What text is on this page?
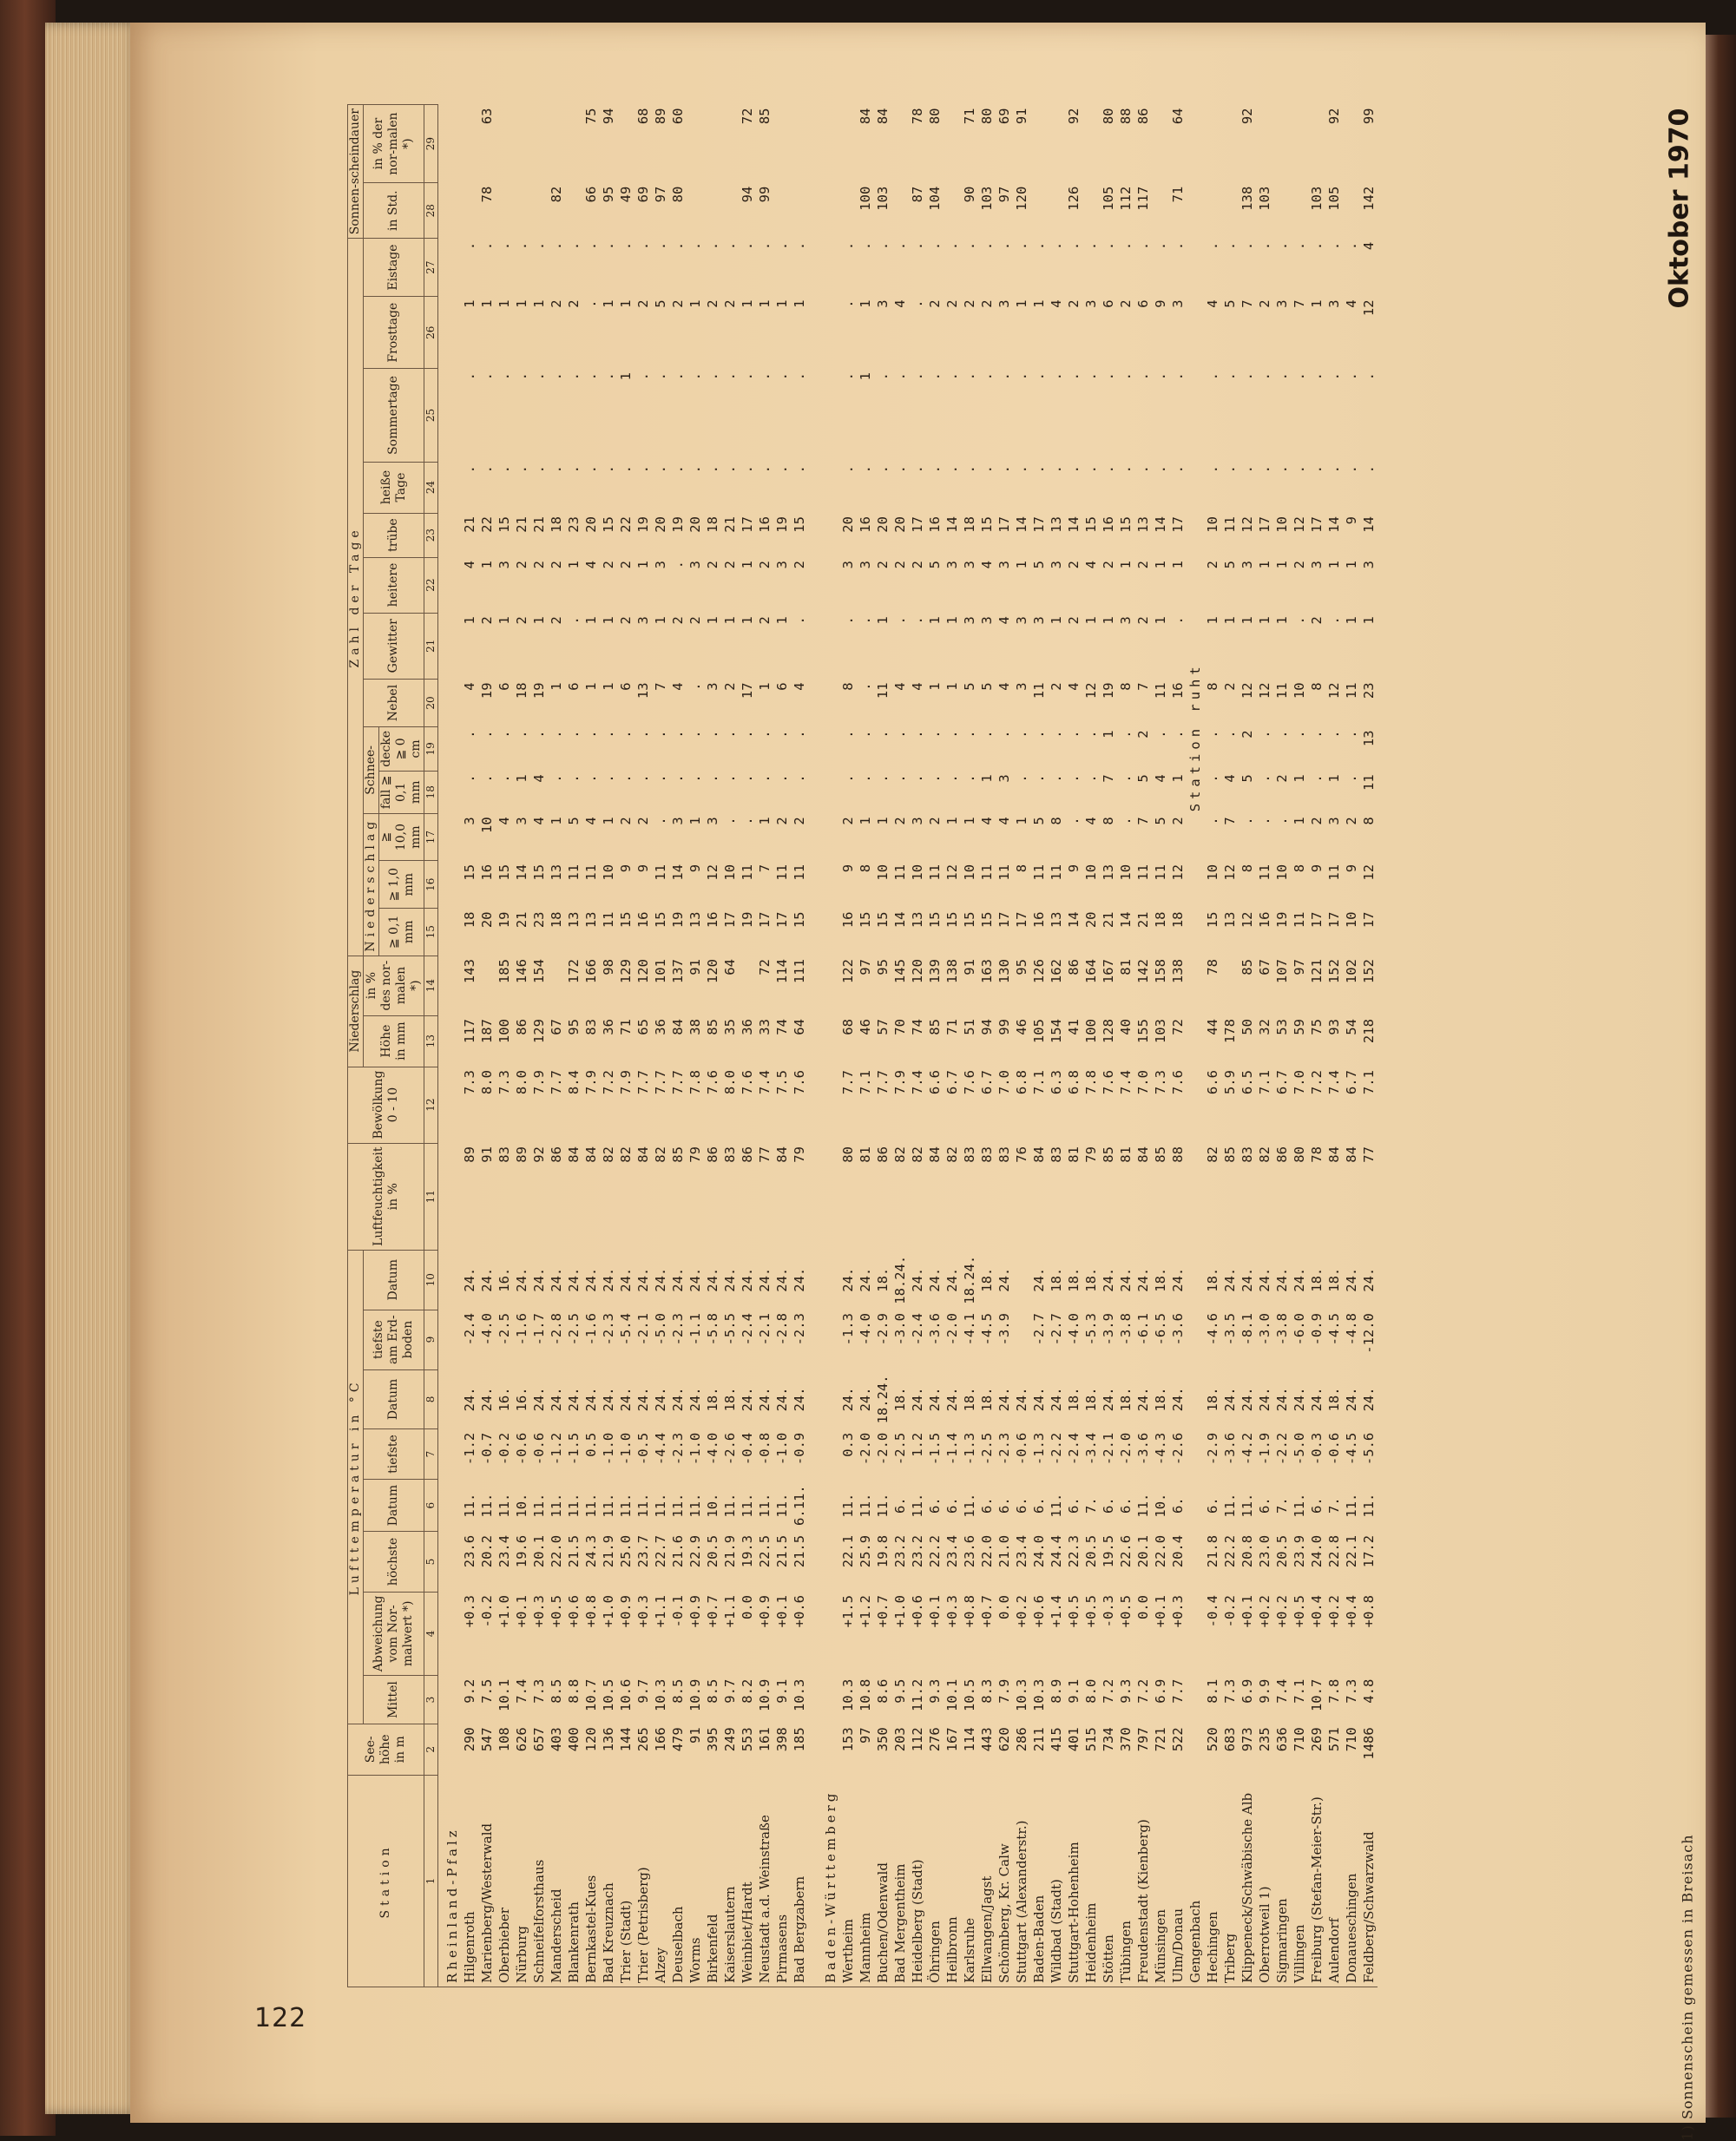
Oktober 1970
122	1) Sonnenschein gemessen in Breisach
Station	See-höhe in m	Lufttemperatur in °C								Luftfeuchtigkeit in %	Bewölkung 0 - 10	Niederschlag		Zahl der Tage													Sonnen-scheindauer	
		Mittel	Abweichung vom Nor-malwert *)	höchste	Datum	tiefste	Datum	tiefste am Erd-boden	Datum			Höhe in mm	in % des nor-malen *)	Niederschlag			Schnee-		Nebel	Gewitter	heitere	trübe	heiße Tage	Sommertage	Frosttage	Eistage	in Std.	in % der nor-malen *)
														≧ 0,1 mm	≧ 1,0 mm	≧ 10,0 mm	fall ≧ 0,1 mm	decke ≧ 0 cm										
1	2	3	4	5	6	7	8	9	10	11	12	13	14	15	16	17	18	19	20	21	22	23	24	25	26	27	28	29
Rheinland-Pfalz																												
Hilgenroth	290	9.2	+0.3	23.6	11.	-1.2	24.	-2.4	24.	89	7.3	117	143	18	15	3	.	.	4	1	4	21	.	.	1	.		
Marienberg/Westerwald	547	7.5	-0.2	20.2	11.	-0.7	24.	-4.0	24.	91	8.0	187		20	16	10	.	.	19	2	1	22	.	.	1	.	78	63
Oberbieber	108	10.1	+1.0	23.4	11.	-0.2	16.	-2.5	16.	83	7.3	100	185	19	15	4	.	.	6	1	3	15	.	.	1	.		
Nürburg	626	7.4	+0.1	19.6	10.	-0.6	16.	-1.6	24.	89	8.0	86	146	21	14	3	1	.	18	2	2	21	.	.	1	.		
Schneifelforsthaus	657	7.3	+0.3	20.1	11.	-0.6	24.	-1.7	24.	92	7.9	129	154	23	15	4	4	.	19	1	2	21	.	.	1	.		
Manderscheid	403	8.5	+0.5	22.0	11.	-1.2	24.	-2.8	24.	86	7.7	67		18	13	1	.	.	1	2	2	18	.	.	2	.	82	
Blankenrath	400	8.8	+0.6	21.5	11.	-1.5	24.	-2.5	24.	84	8.4	95	172	13	11	5	.	.	6	.	1	23	.	.	2	.		
Bernkastel-Kues	120	10.7	+0.8	24.3	11.	0.5	24.	-1.6	24.	84	7.9	83	166	13	11	4	.	.	1	1	4	20	.	.	.	.	66	75
Bad Kreuznach	136	10.5	+1.0	21.9	11.	-1.0	24.	-2.3	24.	82	7.2	36	98	11	10	1	.	.	1	1	2	15	.	.	1	.	95	94
Trier (Stadt)	144	10.6	+0.9	25.0	11.	-1.0	24.	-5.4	24.	82	7.9	71	129	15	9	2	.	.	6	2	2	22	.	1	1	.	49	
Trier (Petrisberg)	265	9.7	+0.3	23.7	11.	-0.5	24.	-2.1	24.	84	7.7	65	120	16	9	2	.	.	13	3	1	19	.	.	2	.	69	68
Alzey	166	10.3	+1.1	22.7	11.	-4.4	24.	-5.0	24.	82	7.7	36	101	15	11	.	.	.	7	1	3	20	.	.	5	.	97	89
Deuselbach	479	8.5	-0.1	21.6	11.	-2.3	24.	-2.3	24.	85	7.7	84	137	19	14	3	.	.	4	2	.	19	.	.	2	.	80	60
Worms	91	10.9	+0.9	22.9	11.	-1.0	24.	-1.1	24.	79	7.8	38	91	13	9	1	.	.	.	2	3	20	.	.	1	.		
Birkenfeld	395	8.5	+0.7	20.5	10.	-4.0	18.	-5.8	24.	86	7.6	85	120	16	12	3	.	.	3	1	2	18	.	.	2	.		
Kaiserslautern	249	9.7	+1.1	21.9	11.	-2.6	18.	-5.5	24.	83	8.0	35	64	17	10	.	.	.	2	1	2	21	.	.	2	.		
Weinbiet/Hardt	553	8.2	0.0	19.3	11.	-0.4	24.	-2.4	24.	86	7.6	36		19	11	.	.	.	17	1	1	17	.	.	1	.	94	72
Neustadt a.d. Weinstraße	161	10.9	+0.9	22.5	11.	-0.8	24.	-2.1	24.	77	7.4	33	72	17	7	1	.	.	1	2	2	16	.	.	1	.	99	85
Pirmasens	398	9.1	+0.1	21.5	11.	-1.0	24.	-2.8	24.	84	7.5	74	114	17	11	2	.	.	6	1	3	19	.	.	1	.		
Bad Bergzabern	185	10.3	+0.6	21.5	6.11.	-0.9	24.	-2.3	24.	79	7.6	64	111	15	11	2	.	.	4	.	2	15	.	.	1	.		

Baden-Württemberg																												
Wertheim	153	10.3	+1.5	22.1	11.	0.3	24.	-1.3	24.	80	7.7	68	122	16	9	2	.	.	8	.	3	20	.	.	.	.		
Mannheim	97	10.8	+1.2	25.9	11.	-2.0	24.	-4.0	24.	81	7.1	46	97	15	8	1	.	.	.	.	3	16	.	1	1	.	100	84
Buchen/Odenwald	350	8.6	+0.7	19.8	11.	-2.0	18.24.	-2.9	18.	86	7.7	57	95	15	10	1	.	.	11	1	2	20	.	.	3	.	103	84
Bad Mergentheim	203	9.5	+1.0	23.2	6.	-2.5	18.	-3.0	18.24.	82	7.9	70	145	14	11	2	.	.	4	.	2	20	.	.	4	.		
Heidelberg (Stadt)	112	11.2	+0.6	23.2	11.	1.2	24.	-2.4	24.	82	7.4	74	120	13	10	3	.	.	4	.	2	17	.	.	.	.	87	78
Öhringen	276	9.3	+0.1	22.2	6.	-1.5	24.	-3.6	24.	84	6.6	85	139	15	11	2	.	.	1	1	5	16	.	.	2	.	104	80
Heilbronn	167	10.1	+0.3	23.4	6.	-1.4	24.	-2.0	24.	82	6.7	71	138	15	12	1	.	.	1	1	3	14	.	.	2	.		
Karlsruhe	114	10.5	+0.8	23.6	11.	-1.3	18.	-4.1	18.24.	83	7.6	51	91	15	10	1	.	.	5	3	3	18	.	.	2	.	90	71
Ellwangen/Jagst	443	8.3	+0.7	22.0	6.	-2.5	18.	-4.5	18.	83	6.7	94	163	15	11	4	1	.	5	3	4	15	.	.	2	.	103	80
Schömberg, Kr. Calw	620	7.9	0.0	21.0	6.	-2.3	24.	-3.9	24.	83	7.0	99	130	17	11	4	3	.	4	4	3	17	.	.	3	.	97	69
Stuttgart (Alexanderstr.)	286	10.3	+0.2	23.4	6.	-0.6	24.			76	6.8	46	95	17	8	1	.	.	3	3	1	14	.	.	1	.	120	91
Baden-Baden	211	10.3	+0.6	24.0	6.	-1.3	24.	-2.7	24.	84	7.1	105	126	16	11	5	.	.	11	3	5	17	.	.	1	.		
Wildbad (Stadt)	415	8.9	+1.4	24.4	11.	-2.2	24.	-2.7	18.	83	6.3	154	162	13	11	8	.	.	2	1	3	13	.	.	4	.		
Stuttgart-Hohenheim	401	9.1	+0.5	22.3	6.	-2.4	18.	-4.0	18.	81	6.8	41	86	14	9	.	.	.	4	2	2	14	.	.	2	.	126	92
Heidenheim	515	8.0	+0.5	20.5	7.	-3.4	18.	-5.3	18.	79	7.8	100	164	20	10	4	.	.	12	1	4	15	.	.	3	.		
Stötten	734	7.2	-0.3	19.5	6.	-2.1	24.	-3.9	24.	85	7.6	128	167	21	13	8	7	1	19	1	2	16	.	.	6	.	105	80
Tübingen	370	9.3	+0.5	22.6	6.	-2.0	18.	-3.8	24.	81	7.4	40	81	14	10	.	.	.	8	3	1	15	.	.	2	.	112	88
Freudenstadt (Kienberg)	797	7.2	0.0	20.1	11.	-3.6	24.	-6.1	24.	84	7.0	155	142	21	11	7	5	2	7	2	2	13	.	.	6	.	117	86
Münsingen	721	6.9	+0.1	22.0	10.	-4.3	18.	-6.5	18.	85	7.3	103	158	18	11	5	4	.	11	1	1	14	.	.	9	.		
Ulm/Donau	522	7.7	+0.3	20.4	6.	-2.6	24.	-3.6	24.	88	7.6	72	138	18	12	2	1	.	16	.	1	17	.	.	3	.	71	64
Gengenbach								Station ruht																				
Hechingen	520	8.1	-0.4	21.8	6.	-2.9	18.	-4.6	18.	82	6.6	44	78	15	10	.	.	.	8	1	2	10	.	.	4	.		
Triberg	683	7.3	-0.2	22.2	11.	-3.6	24.	-3.5	24.	85	5.9	178		13	12	7	4	.	2	1	5	11	.	.	5	.		
Klippeneck/Schwäbische Alb	973	6.9	+0.1	20.8	11.	-4.2	24.	-8.1	24.	83	6.5	50	85	12	8	.	5	2	12	1	3	12	.	.	7	.	138	92
Oberrotweil 1)	235	9.9	+0.2	23.0	6.	-1.9	24.	-3.0	24.	82	7.1	32	67	16	11	.	.	.	12	1	1	17	.	.	2	.	103	
Sigmaringen	636	7.4	+0.2	20.5	7.	-2.2	24.	-3.8	24.	86	6.7	53	107	19	10	.	2	.	11	1	1	10	.	.	3	.		
Villingen	710	7.1	+0.5	23.9	11.	-5.0	24.	-6.0	24.	80	7.0	59	97	11	8	1	1	.	10	.	2	12	.	.	7	.		
Freiburg (Stefan-Meier-Str.)	269	10.7	+0.4	24.0	6.	-0.3	24.	-0.9	18.	78	7.2	75	121	17	9	2	.	.	8	2	3	17	.	.	1	.	103	
Aulendorf	571	7.8	+0.2	22.8	7.	-0.6	18.	-4.5	18.	84	7.4	93	152	17	11	3	1	.	12	.	1	14	.	.	3	.	105	92
Donaueschingen	710	7.3	+0.4	22.1	11.	-4.5	24.	-4.8	24.	84	6.7	54	102	10	9	2	.	.	11	1	1	9	.	.	4	.		
Feldberg/Schwarzwald	1486	4.8	+0.8	17.2	11.	-5.6	24.	-12.0	24.	77	7.1	218	152	17	12	8	11	13	23	1	3	14	.	.	12	4	142	99
